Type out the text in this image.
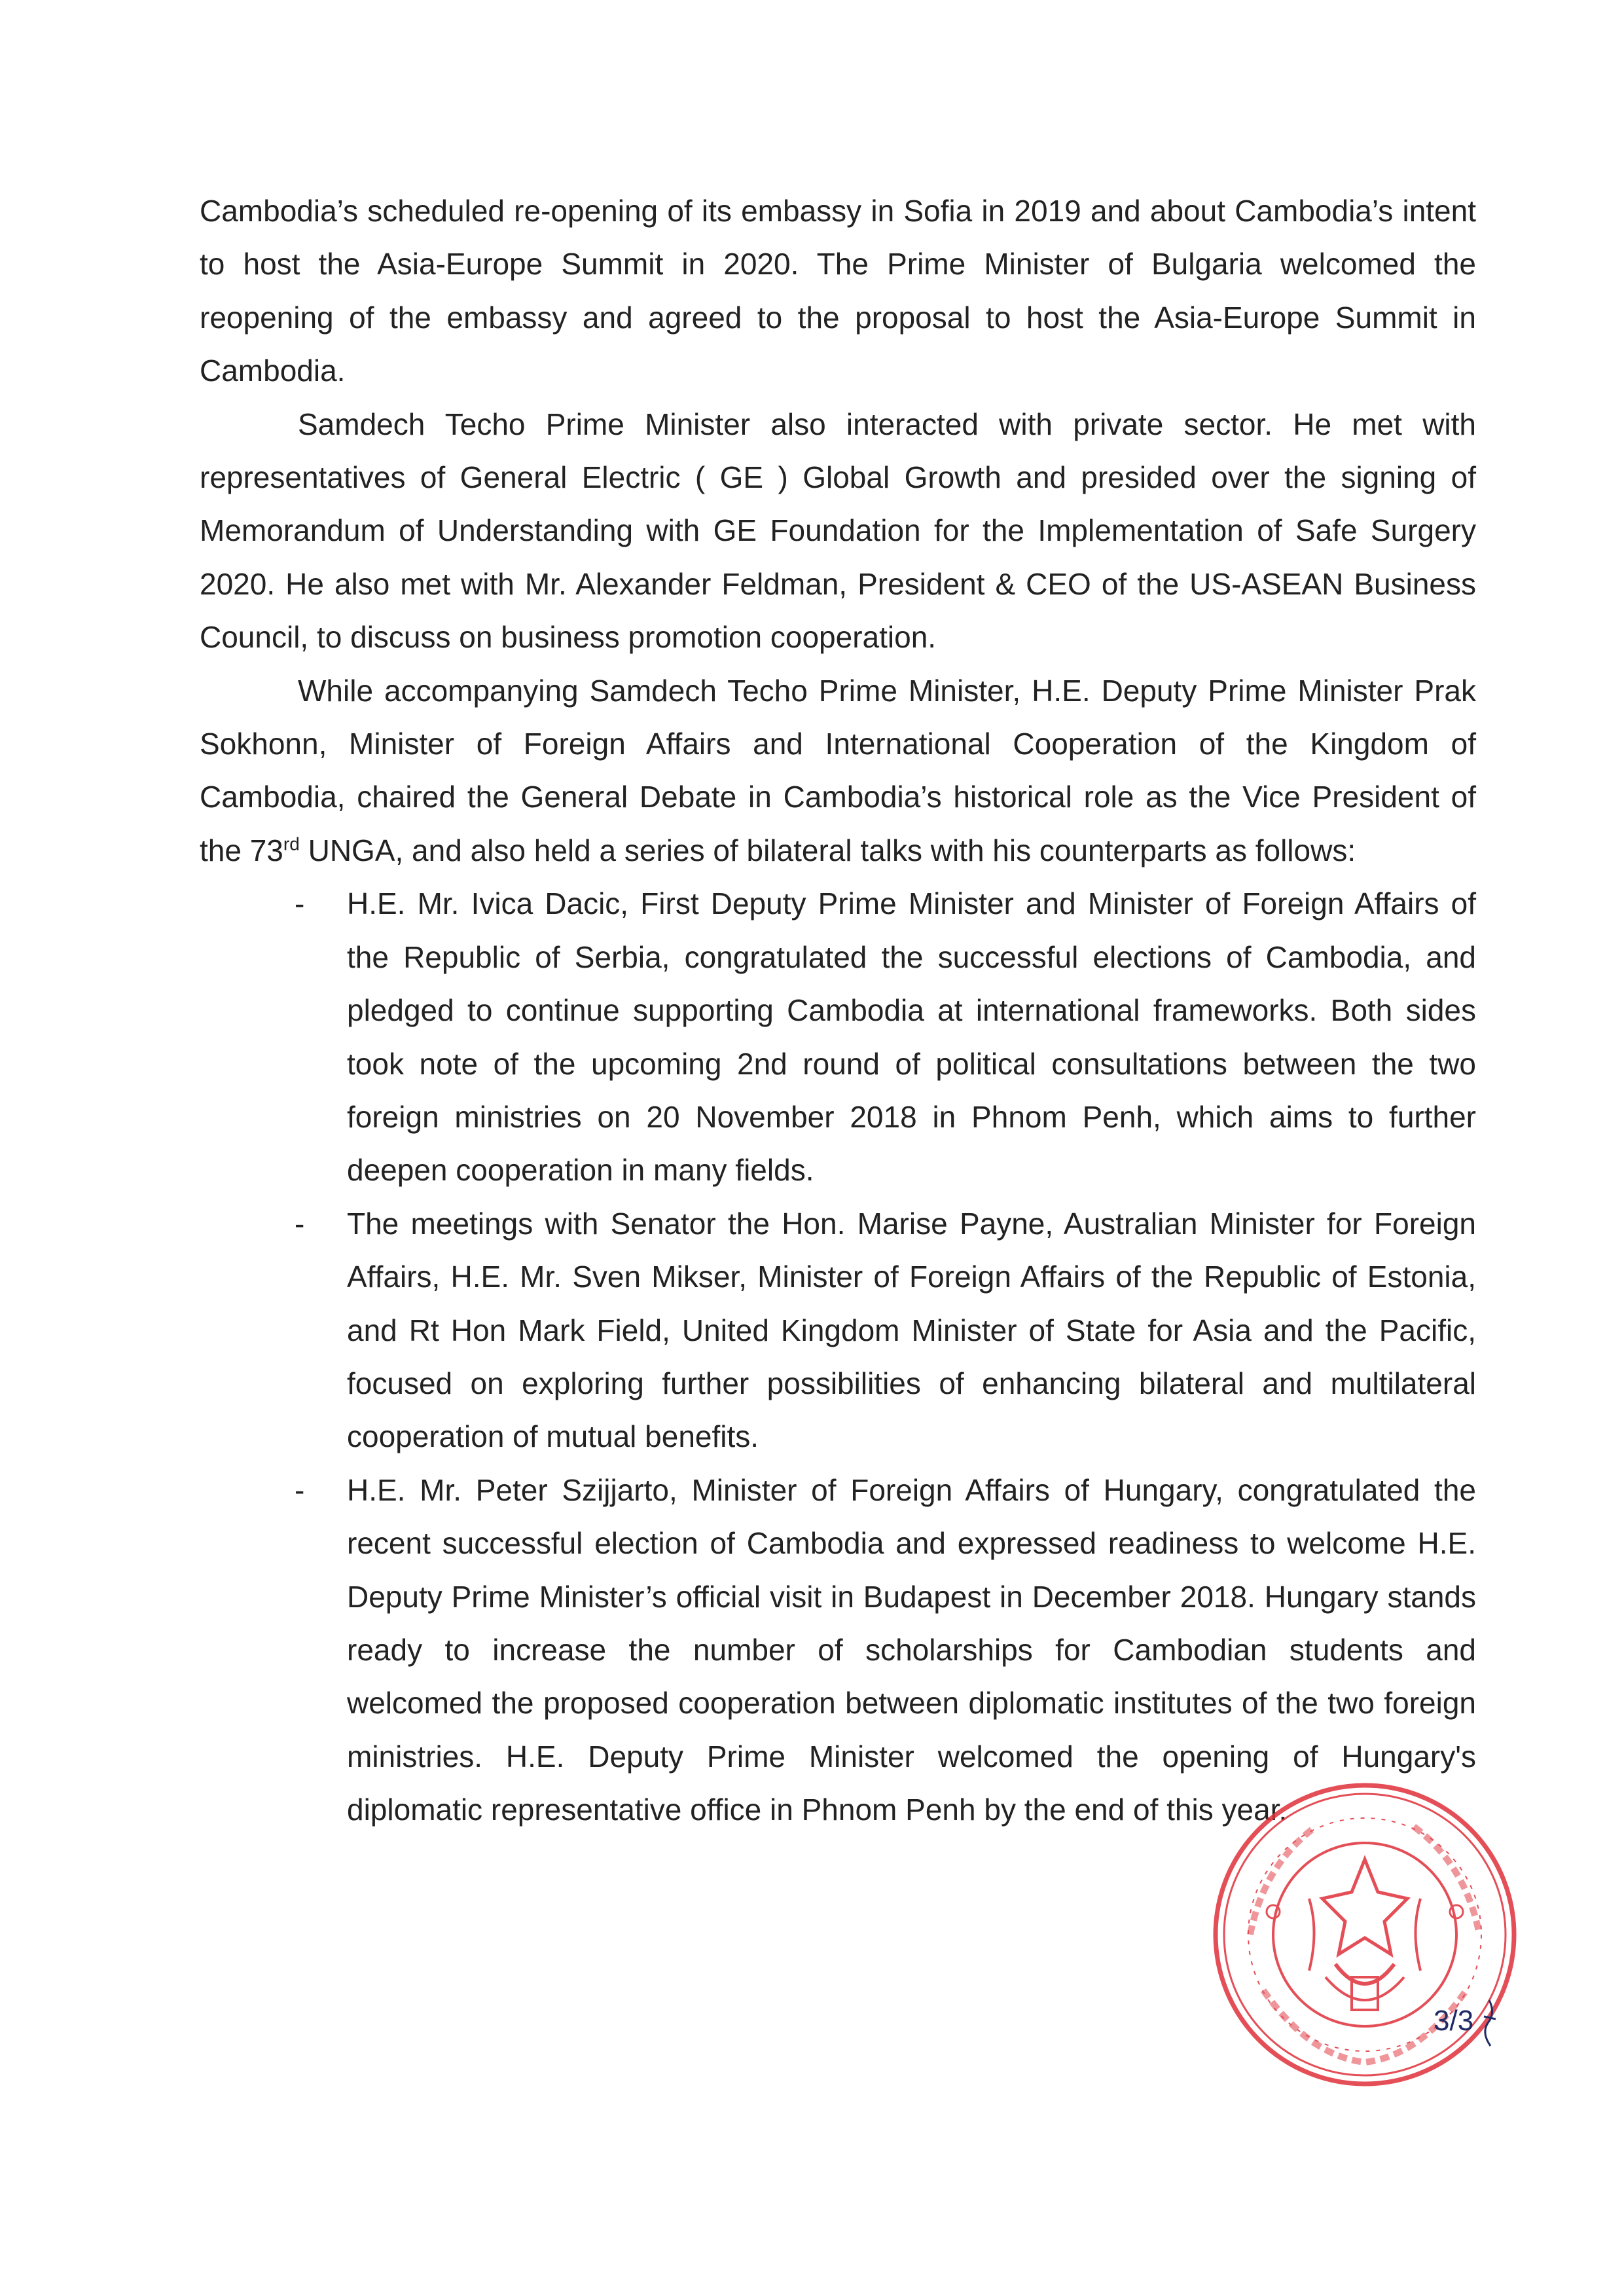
Cambodia’s scheduled re-opening of its embassy in Sofia in 2019 and about Cambodia’s intent to host the Asia-Europe Summit in 2020. The Prime Minister of Bulgaria welcomed the reopening of the embassy and agreed to the proposal to host the Asia-Europe Summit in Cambodia.

Samdech Techo Prime Minister also interacted with private sector. He met with representatives of General Electric ( GE ) Global Growth and presided over the signing of Memorandum of Understanding with GE Foundation for the Implementation of Safe Surgery 2020. He also met with Mr. Alexander Feldman, President & CEO of the US-ASEAN Business Council, to discuss on business promotion cooperation.

While accompanying Samdech Techo Prime Minister, H.E. Deputy Prime Minister Prak Sokhonn, Minister of Foreign Affairs and International Cooperation of the Kingdom of Cambodia, chaired the General Debate in Cambodia’s historical role as the Vice President of the 73rd UNGA, and also held a series of bilateral talks with his counterparts as follows:

- H.E. Mr. Ivica Dacic, First Deputy Prime Minister and Minister of Foreign Affairs of the Republic of Serbia, congratulated the successful elections of Cambodia, and pledged to continue supporting Cambodia at international frameworks. Both sides took note of the upcoming 2nd round of political consultations between the two foreign ministries on 20 November 2018 in Phnom Penh, which aims to further deepen cooperation in many fields.
- The meetings with Senator the Hon. Marise Payne, Australian Minister for Foreign Affairs, H.E. Mr. Sven Mikser, Minister of Foreign Affairs of the Republic of Estonia, and Rt Hon Mark Field, United Kingdom Minister of State for Asia and the Pacific, focused on exploring further possibilities of enhancing bilateral and multilateral cooperation of mutual benefits.
- H.E. Mr. Peter Szijjarto, Minister of Foreign Affairs of Hungary, congratulated the recent successful election of Cambodia and expressed readiness to welcome H.E. Deputy Prime Minister’s official visit in Budapest in December 2018. Hungary stands ready to increase the number of scholarships for Cambodian students and welcomed the proposed cooperation between diplomatic institutes of the two foreign ministries. H.E. Deputy Prime Minister welcomed the opening of Hungary's diplomatic representative office in Phnom Penh by the end of this year.
3/3
